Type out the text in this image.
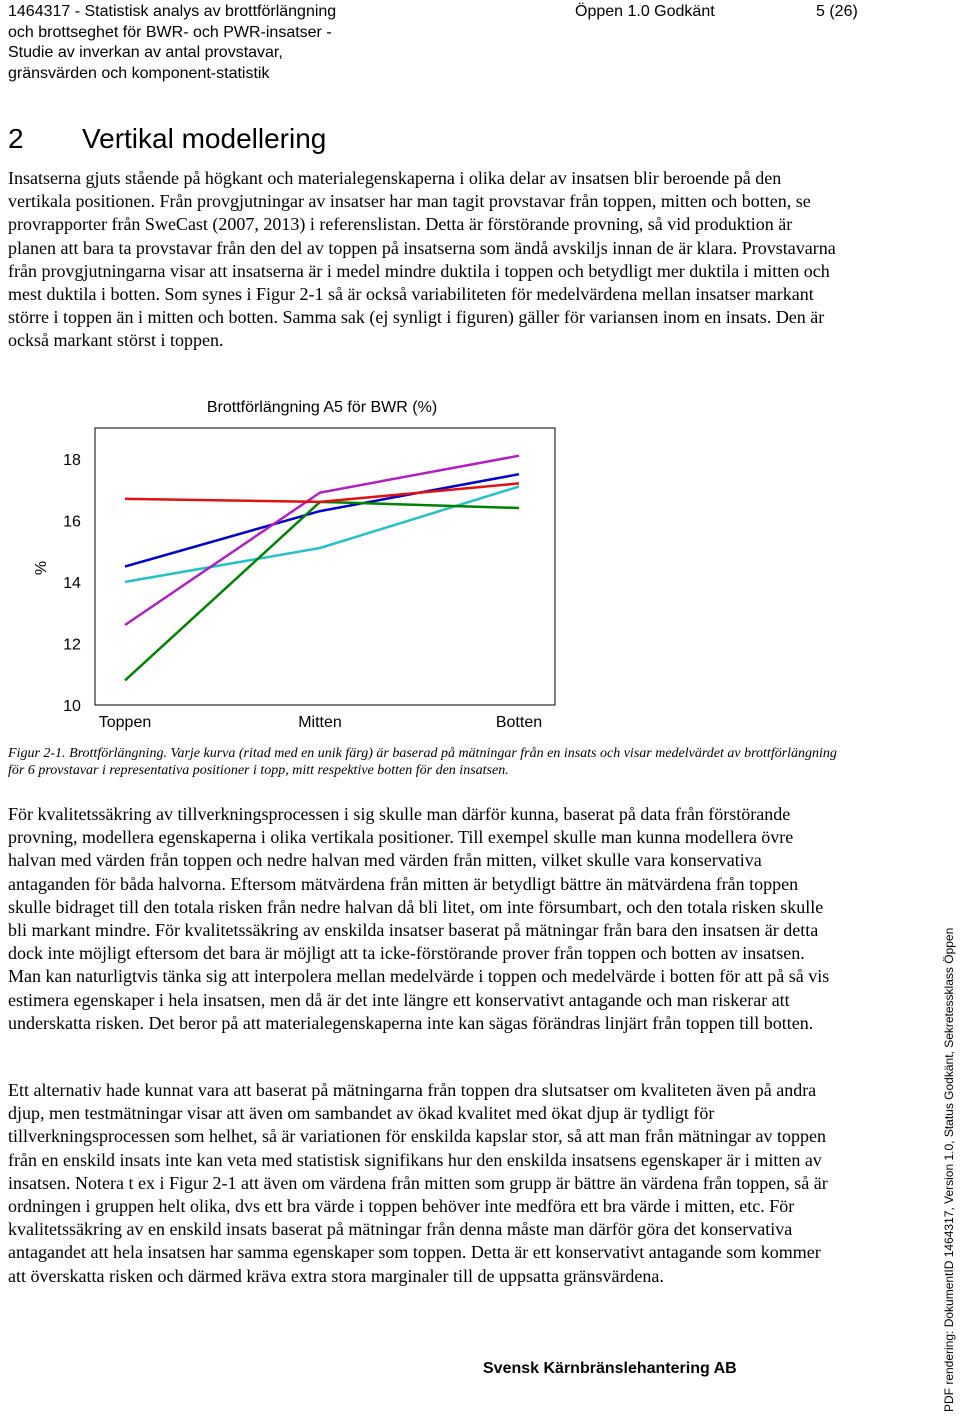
1464317 - Statistisk analys av brottförlängning
och brottseghet för BWR- och PWR-insatser -
Studie av inverkan av antal provstavar,
gränsvärden och komponent-statistik
Öppen 1.0 Godkänt	5 (26)
2 Vertikal modellering

Insatserna gjuts stående på högkant och materialegenskaperna i olika delar av insatsen blir beroende på den vertikala positionen. Från provgjutningar av insatser har man tagit provstavar från toppen, mitten och botten, se provrapporter från SweCast (2007, 2013) i referenslistan. Detta är förstörande provning, så vid produktion är planen att bara ta provstavar från den del av toppen på insatserna som ändå avskiljs innan de är klara. Provstavarna från provgjutningarna visar att insatserna är i medel mindre duktila i toppen och betydligt mer duktila i mitten och mest duktila i botten. Som synes i Figur 2-1 så är också variabiliteten för medelvärdena mellan insatser markant större i toppen än i mitten och botten. Samma sak (ej synligt i figuren) gäller för variansen inom en insats. Den är också markant störst i toppen.

Brottförlängning A5 för BWR (%)
10
12
14
16
18
%
Toppen	Mitten	Botten
Figur 2-1. Brottförlängning. Varje kurva (ritad med en unik färg) är baserad på mätningar från en insats och visar medelvärdet av brottförlängning för 6 provstavar i representativa positioner i topp, mitt respektive botten för den insatsen.

För kvalitetssäkring av tillverkningsprocessen i sig skulle man därför kunna, baserat på data från förstörande provning, modellera egenskaperna i olika vertikala positioner. Till exempel skulle man kunna modellera övre halvan med värden från toppen och nedre halvan med värden från mitten, vilket skulle vara konservativa antaganden för båda halvorna. Eftersom mätvärdena från mitten är betydligt bättre än mätvärdena från toppen skulle bidraget till den totala risken från nedre halvan då bli litet, om inte försumbart, och den totala risken skulle bli markant mindre. För kvalitetssäkring av enskilda insatser baserat på mätningar från bara den insatsen är detta dock inte möjligt eftersom det bara är möjligt att ta icke-förstörande prover från toppen och botten av insatsen. Man kan naturligtvis tänka sig att interpolera mellan medelvärde i toppen och medelvärde i botten för att på så vis estimera egenskaper i hela insatsen, men då är det inte längre ett konservativt antagande och man riskerar att underskatta risken. Det beror på att materialegenskaperna inte kan sägas förändras linjärt från toppen till botten.

Ett alternativ hade kunnat vara att baserat på mätningarna från toppen dra slutsatser om kvaliteten även på andra djup, men testmätningar visar att även om sambandet av ökad kvalitet med ökat djup är tydligt för tillverkningsprocessen som helhet, så är variationen för enskilda kapslar stor, så att man från mätningar av toppen från en enskild insats inte kan veta med statistisk signifikans hur den enskilda insatsens egenskaper är i mitten av insatsen. Notera t ex i Figur 2-1 att även om värdena från mitten som grupp är bättre än värdena från toppen, så är ordningen i gruppen helt olika, dvs ett bra värde i toppen behöver inte medföra ett bra värde i mitten, etc. För kvalitetssäkring av en enskild insats baserat på mätningar från denna måste man därför göra det konservativa antagandet att hela insatsen har samma egenskaper som toppen. Detta är ett konservativt antagande som kommer att överskatta risken och därmed kräva extra stora marginaler till de uppsatta gränsvärdena.

Svensk Kärnbränslehantering AB	PDF rendering: DokumentID 1464317, Version 1.0, Status Godkänt, Sekretessklass Öppen
